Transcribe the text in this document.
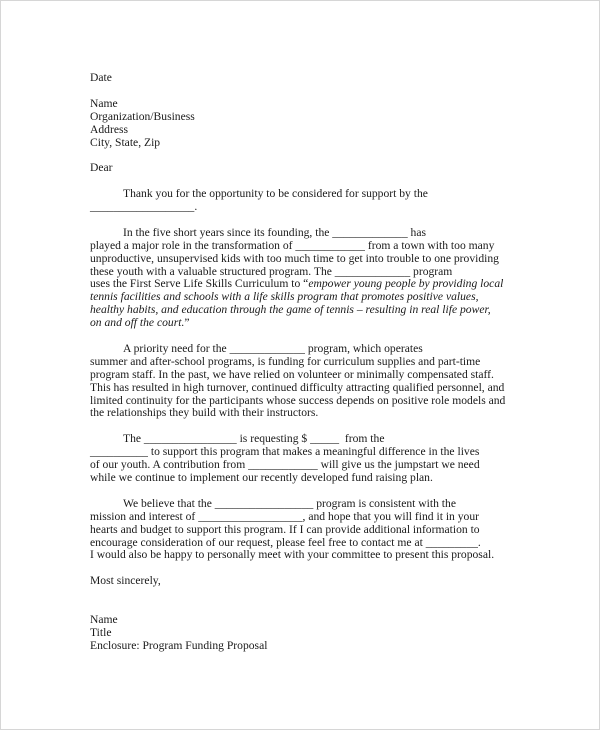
Date

Name

Organization/Business

Address

City, State, Zip

Dear

Thank you for the opportunity to be considered for support by the

__________________.

In the five short years since its founding, the _____________ has

played a major role in the transformation of ____________ from a town with too many

unproductive, unsupervised kids with too much time to get into trouble to one providing

these youth with a valuable structured program. The _____________ program

uses the First Serve Life Skills Curriculum to “empower young people by providing local

tennis facilities and schools with a life skills program that promotes positive values,

healthy habits, and education through the game of tennis – resulting in real life power,

on and off the court.”

A priority need for the _____________ program, which operates

summer and after-school programs, is funding for curriculum supplies and part-time

program staff. In the past, we have relied on volunteer or minimally compensated staff.

This has resulted in high turnover, continued difficulty attracting qualified personnel, and

limited continuity for the participants whose success depends on positive role models and

the relationships they build with their instructors.

The ________________ is requesting $ _____  from the

__________ to support this program that makes a meaningful difference in the lives

of our youth. A contribution from ____________ will give us the jumpstart we need

while we continue to implement our recently developed fund raising plan.

We believe that the _________________ program is consistent with the

mission and interest of __________________, and hope that you will find it in your

hearts and budget to support this program. If I can provide additional information to

encourage consideration of our request, please feel free to contact me at _________.

I would also be happy to personally meet with your committee to present this proposal.

Most sincerely,

Name

Title

Enclosure: Program Funding Proposal
